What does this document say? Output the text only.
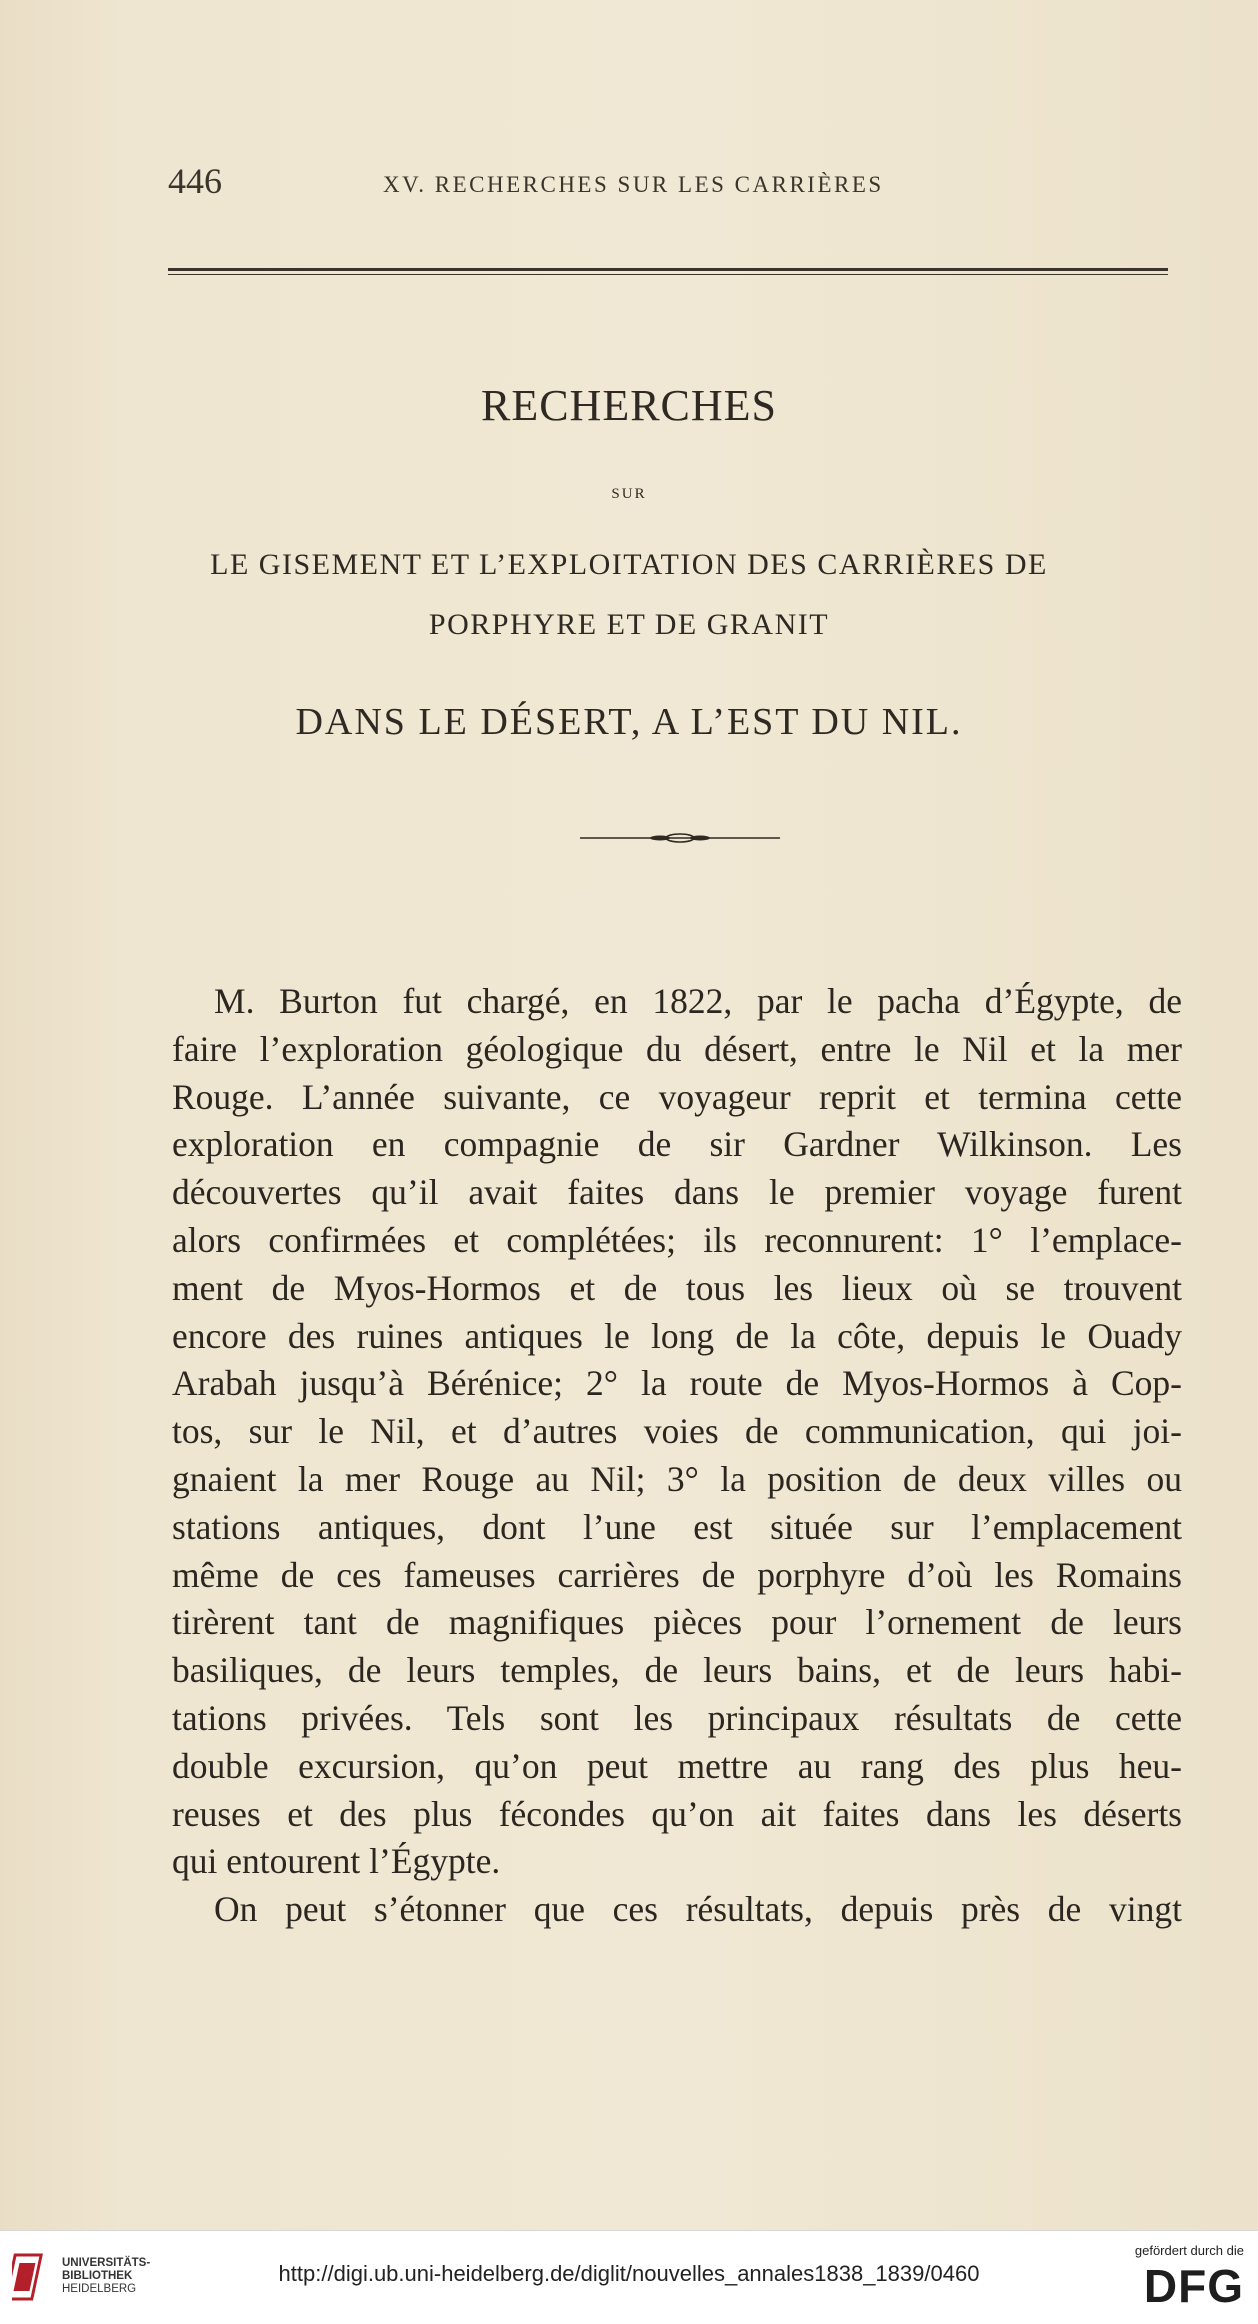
446	XV. RECHERCHES SUR LES CARRIÈRES
RECHERCHES
SUR
LE GISEMENT ET L’EXPLOITATION DES CARRIÈRES DE
PORPHYRE ET DE GRANIT
DANS LE DÉSERT, A L’EST DU NIL.
M. Burton fut chargé, en 1822, par le pacha d’Égypte, de
faire l’exploration géologique du désert, entre le Nil et la mer
Rouge. L’année suivante, ce voyageur reprit et termina cette
exploration en compagnie de sir Gardner Wilkinson. Les
découvertes qu’il avait faites dans le premier voyage furent
alors confirmées et complétées; ils reconnurent: 1° l’emplace-
ment de Myos-Hormos et de tous les lieux où se trouvent
encore des ruines antiques le long de la côte, depuis le Ouady
Arabah jusqu’à Bérénice; 2° la route de Myos-Hormos à Cop-
tos, sur le Nil, et d’autres voies de communication, qui joi-
gnaient la mer Rouge au Nil; 3° la position de deux villes ou
stations antiques, dont l’une est située sur l’emplacement
même de ces fameuses carrières de porphyre d’où les Romains
tirèrent tant de magnifiques pièces pour l’ornement de leurs
basiliques, de leurs temples, de leurs bains, et de leurs habi-
tations privées. Tels sont les principaux résultats de cette
double excursion, qu’on peut mettre au rang des plus heu-
reuses et des plus fécondes qu’on ait faites dans les déserts
qui entourent l’Égypte.
On peut s’étonner que ces résultats, depuis près de vingt
UNIVERSITÄTS-
BIBLIOTHEK
HEIDELBERG
http://digi.ub.uni-heidelberg.de/diglit/nouvelles_annales1838_1839/0460
gefördert durch die
DFG
